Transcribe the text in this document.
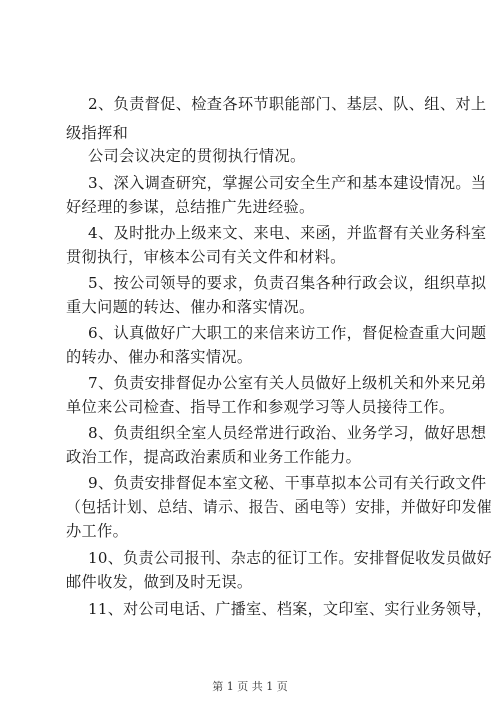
2、负责督促、检查各环节职能部门、基层、队、组、对上
级指挥和
公司会议决定的贯彻执行情况。
3、深入调查研究，掌握公司安全生产和基本建设情况。当
好经理的参谋，总结推广先进经验。
4、及时批办上级来文、来电、来函，并监督有关业务科室
贯彻执行，审核本公司有关文件和材料。
5、按公司领导的要求，负责召集各种行政会议，组织草拟
重大问题的转达、催办和落实情况。
6、认真做好广大职工的来信来访工作，督促检查重大问题
的转办、催办和落实情况。
7、负责安排督促办公室有关人员做好上级机关和外来兄弟
单位来公司检查、指导工作和参观学习等人员接待工作。
8、负责组织全室人员经常进行政治、业务学习，做好思想
政治工作，提高政治素质和业务工作能力。
9、负责安排督促本室文秘、干事草拟本公司有关行政文件
（包括计划、总结、请示、报告、函电等）安排，并做好印发催
办工作。
10、负责公司报刊、杂志的征订工作。安排督促收发员做好
邮件收发，做到及时无误。
11、对公司电话、广播室、档案，文印室、实行业务领导，
第 1 页 共 1 页
